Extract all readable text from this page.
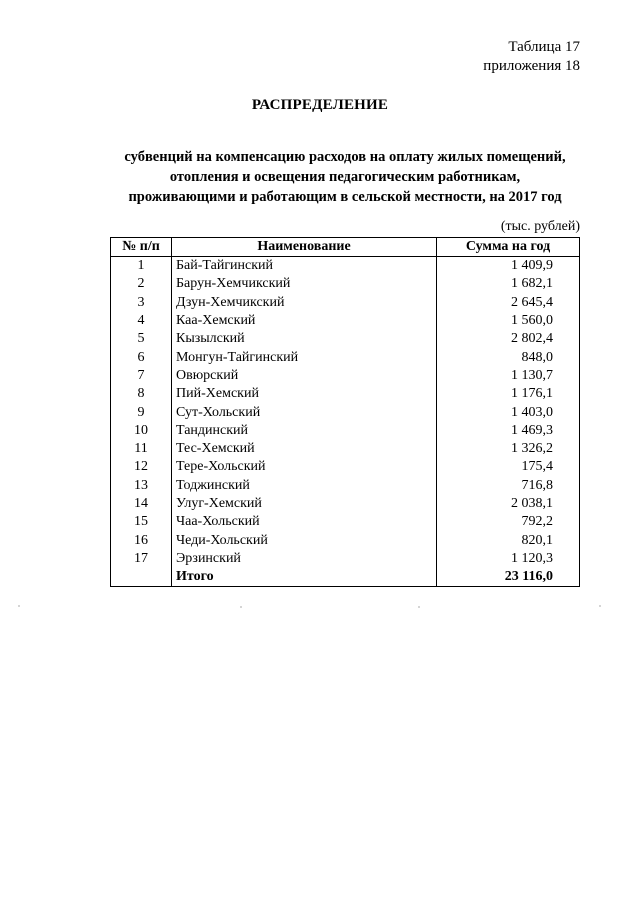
Таблица 17
приложения 18
РАСПРЕДЕЛЕНИЕ
субвенций на компенсацию расходов на оплату жилых помещений,
отопления и освещения педагогическим работникам,
проживающими и работающим в сельской местности, на 2017 год
(тыс. рублей)
№ п/п	Наименование	Сумма на год
1	Бай-Тайгинский	1 409,9
2	Барун-Хемчикский	1 682,1
3	Дзун-Хемчикский	2 645,4
4	Каа-Хемский	1 560,0
5	Кызылский	2 802,4
6	Монгун-Тайгинский	848,0
7	Овюрский	1 130,7
8	Пий-Хемский	1 176,1
9	Сут-Хольский	1 403,0
10	Тандинский	1 469,3
11	Тес-Хемский	1 326,2
12	Тере-Хольский	175,4
13	Тоджинский	716,8
14	Улуг-Хемский	2 038,1
15	Чаа-Хольский	792,2
16	Чеди-Хольский	820,1
17	Эрзинский	1 120,3
	Итого	23 116,0
